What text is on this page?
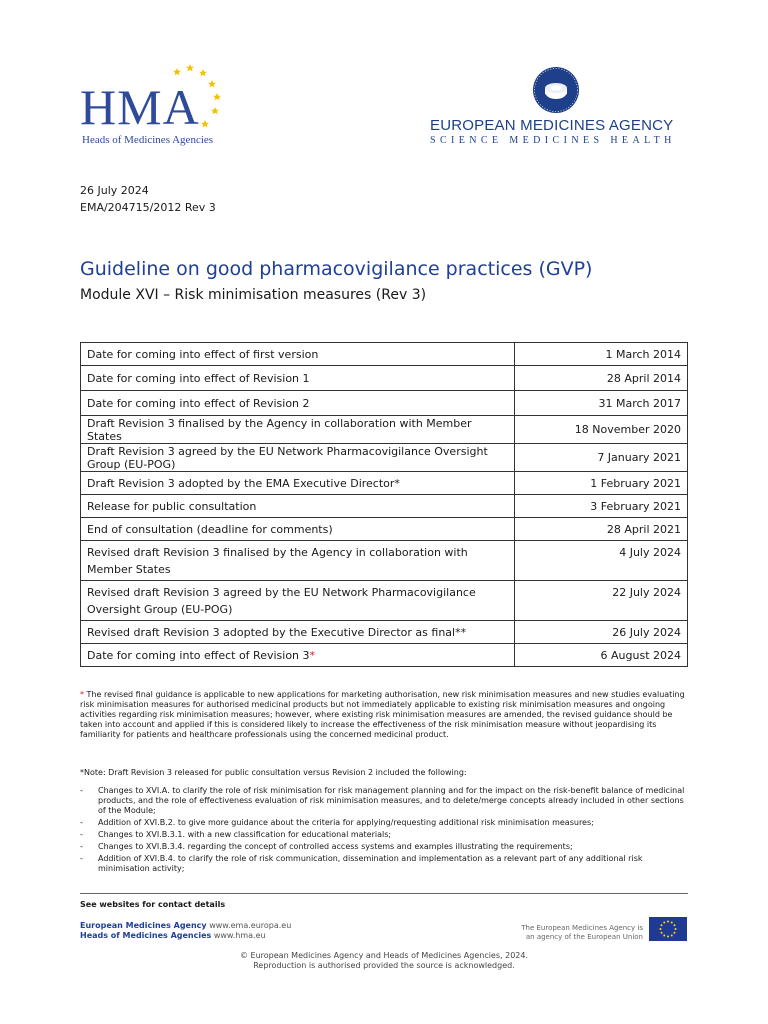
HMA
Heads of Medicines Agencies
EUROPEAN MEDICINES AGENCY
SCIENCE MEDICINES HEALTH
26 July 2024
EMA/204715/2012 Rev 3
Guideline on good pharmacovigilance practices (GVP)
Module XVI – Risk minimisation measures (Rev 3)
Date for coming into effect of first version	1 March 2014
Date for coming into effect of Revision 1	28 April 2014
Date for coming into effect of Revision 2	31 March 2017
Draft Revision 3 finalised by the Agency in collaboration with Member States	18 November 2020
Draft Revision 3 agreed by the EU Network Pharmacovigilance Oversight Group (EU-POG)	7 January 2021
Draft Revision 3 adopted by the EMA Executive Director*	1 February 2021
Release for public consultation	3 February 2021
End of consultation (deadline for comments)	28 April 2021
Revised draft Revision 3 finalised by the Agency in collaboration with Member States	4 July 2024
Revised draft Revision 3 agreed by the EU Network Pharmacovigilance Oversight Group (EU-POG)	22 July 2024
Revised draft Revision 3 adopted by the Executive Director as final**	26 July 2024
Date for coming into effect of Revision 3*	6 August 2024
* The revised final guidance is applicable to new applications for marketing authorisation, new risk minimisation measures and new studies evaluating risk minimisation measures for authorised medicinal products but not immediately applicable to existing risk minimisation measures and ongoing activities regarding risk minimisation measures; however, where existing risk minimisation measures are amended, the revised guidance should be taken into account and applied if this is considered likely to increase the effectiveness of the risk minimisation measure without jeopardising its familiarity for patients and healthcare professionals using the concerned medicinal product.
*Note: Draft Revision 3 released for public consultation versus Revision 2 included the following:
- Changes to XVI.A. to clarify the role of risk minimisation for risk management planning and for the impact on the risk-benefit balance of medicinal products, and the role of effectiveness evaluation of risk minimisation measures, and to delete/merge concepts already included in other sections of the Module;
- Addition of XVI.B.2. to give more guidance about the criteria for applying/requesting additional risk minimisation measures;
- Changes to XVI.B.3.1. with a new classification for educational materials;
- Changes to XVI.B.3.4. regarding the concept of controlled access systems and examples illustrating the requirements;
- Addition of XVI.B.4. to clarify the role of risk communication, dissemination and implementation as a relevant part of any additional risk minimisation activity;
See websites for contact details
European Medicines Agency www.ema.europa.eu
Heads of Medicines Agencies www.hma.eu
The European Medicines Agency is an agency of the European Union
© European Medicines Agency and Heads of Medicines Agencies, 2024.
Reproduction is authorised provided the source is acknowledged.
